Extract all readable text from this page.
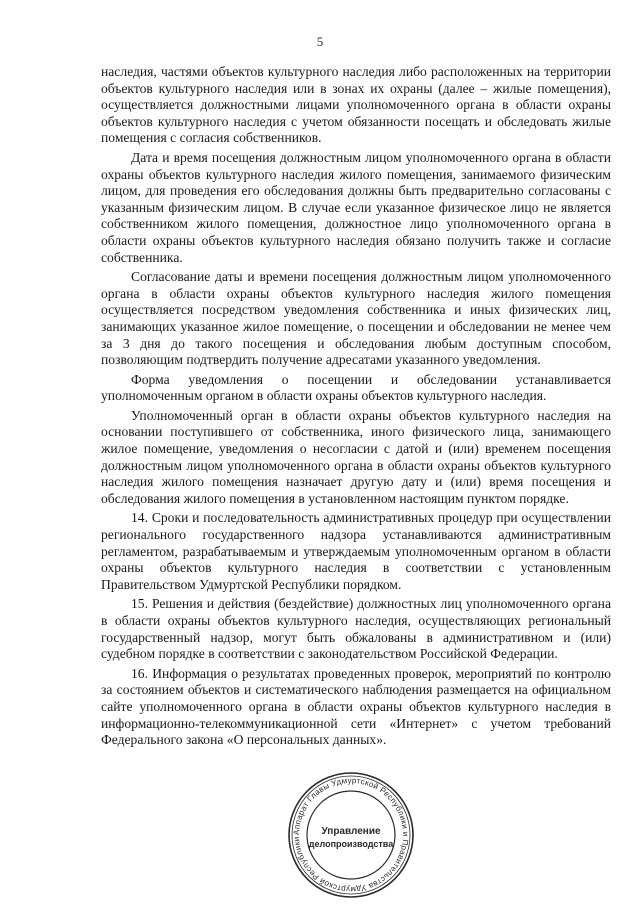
5

наследия, частями объектов культурного наследия либо расположенных на территории объектов культурного наследия или в зонах их охраны (далее – жилые помещения), осуществляется должностными лицами уполномоченного органа в области охраны объектов культурного наследия с учетом обязанности посещать и обследовать жилые помещения с согласия собственников.

Дата и время посещения должностным лицом уполномоченного органа в области охраны объектов культурного наследия жилого помещения, занимаемого физическим лицом, для проведения его обследования должны быть предварительно согласованы с указанным физическим лицом. В случае если указанное физическое лицо не является собственником жилого помещения, должностное лицо уполномоченного органа в области охраны объектов культурного наследия обязано получить также и согласие собственника.

Согласование даты и времени посещения должностным лицом уполномоченного органа в области охраны объектов культурного наследия жилого помещения осуществляется посредством уведомления собственника и иных физических лиц, занимающих указанное жилое помещение, о посещении и обследовании не менее чем за 3 дня до такого посещения и обследования любым доступным способом, позволяющим подтвердить получение адресатами указанного уведомления.

Форма уведомления о посещении и обследовании устанавливается уполномоченным органом в области охраны объектов культурного наследия.

Уполномоченный орган в области охраны объектов культурного наследия на основании поступившего от собственника, иного физического лица, занимающего жилое помещение, уведомления о несогласии с датой и (или) временем посещения должностным лицом уполномоченного органа в области охраны объектов культурного наследия жилого помещения назначает другую дату и (или) время посещения и обследования жилого помещения в установленном настоящим пунктом порядке.

14. Сроки и последовательность административных процедур при осуществлении регионального государственного надзора устанавливаются административным регламентом, разрабатываемым и утверждаемым уполномоченным органом в области охраны объектов культурного наследия в соответствии с установленным Правительством Удмуртской Республики порядком.

15. Решения и действия (бездействие) должностных лиц уполномоченного органа в области охраны объектов культурного наследия, осуществляющих региональный государственный надзор, могут быть обжалованы в административном и (или) судебном порядке в соответствии с законодательством Российской Федерации.

16. Информация о результатах проведенных проверок, мероприятий по контролю за состоянием объектов и систематического наблюдения размещается на официальном сайте уполномоченного органа в области охраны объектов культурного наследия в информационно-телекоммуникационной сети «Интернет» с учетом требований Федерального закона «О персональных данных».

Аппарат Главы Удмуртской Республики и Правительства Удмуртской Республики
Управление
делопроизводства
